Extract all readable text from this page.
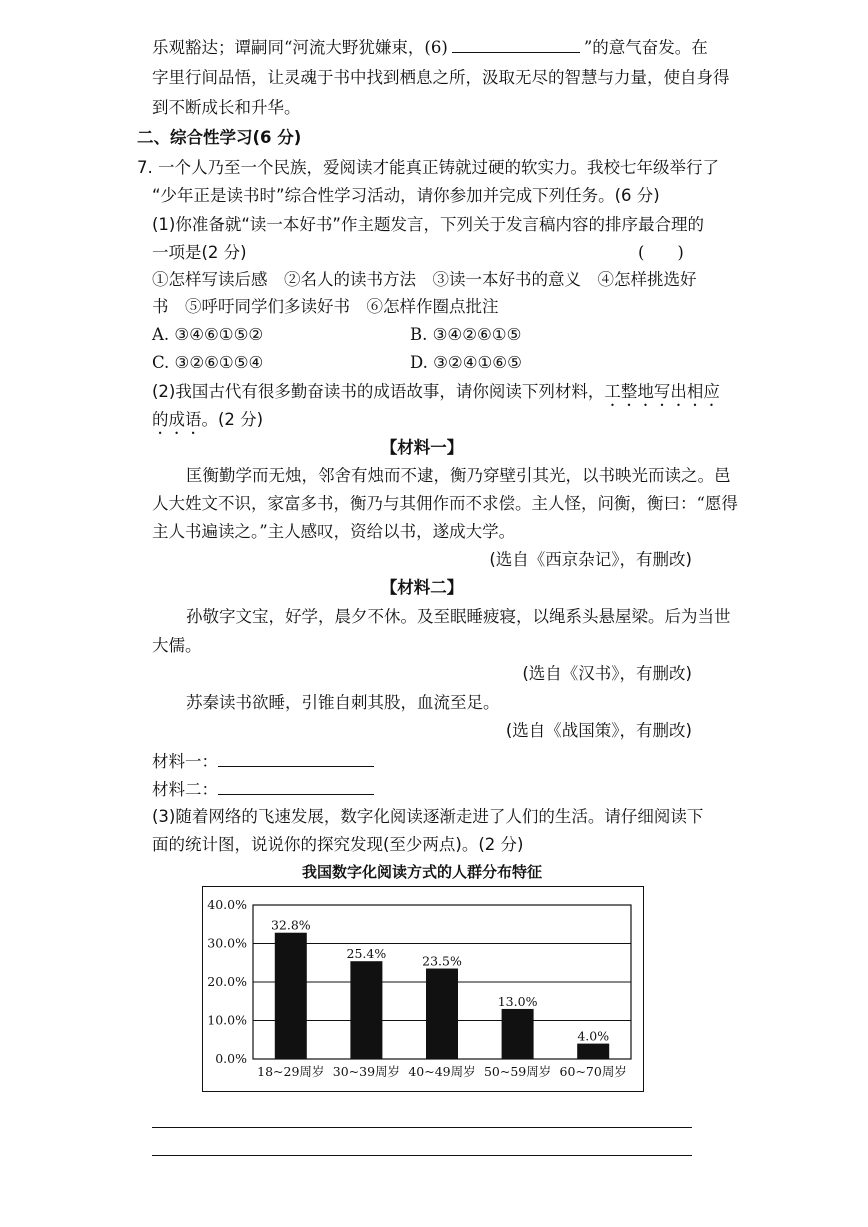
乐观豁达；谭嗣同“河流大野犹嫌束，(6)	”的意气奋发。在
字里行间品悟，让灵魂于书中找到栖息之所，汲取无尽的智慧与力量，使自身得
到不断成长和升华。
二、综合性学习(6 分)
7. 一个人乃至一个民族，爱阅读才能真正铸就过硬的软实力。我校七年级举行了
“少年正是读书时”综合性学习活动，请你参加并完成下列任务。(6 分)
(1)你准备就“读一本好书”作主题发言，下列关于发言稿内容的排序最合理的
一项是(2 分)	(　　)
①怎样写读后感　②名人的读书方法　③读一本好书的意义　④怎样挑选好
书　⑤呼吁同学们多读好书　⑥怎样作圈点批注
A. ③④⑥①⑤②	B. ③④②⑥①⑤
C. ③②⑥①⑤④	D. ③②④①⑥⑤
(2)我国古代有很多勤奋读书的成语故事，请你阅读下列材料，工整地写出相应
的成语。(2 分)
【材料一】
匡衡勤学而无烛，邻舍有烛而不逮，衡乃穿壁引其光，以书映光而读之。邑
人大姓文不识，家富多书，衡乃与其佣作而不求偿。主人怪，问衡，衡曰：“愿得
主人书遍读之。”主人感叹，资给以书，遂成大学。
(选自《西京杂记》，有删改)
【材料二】
孙敬字文宝，好学，晨夕不休。及至眠睡疲寝，以绳系头悬屋梁。后为当世
大儒。
(选自《汉书》，有删改)
苏秦读书欲睡，引锥自刺其股，血流至足。
(选自《战国策》，有删改)
材料一：
材料二：
(3)随着网络的飞速发展，数字化阅读逐渐走进了人们的生活。请仔细阅读下
面的统计图，说说你的探究发现(至少两点)。(2 分)
我国数字化阅读方式的人群分布特征
0.0%
10.0%
20.0%
30.0%
40.0%
32.8%
18~29周岁
25.4%
30~39周岁
23.5%
40~49周岁
13.0%
50~59周岁
4.0%
60~70周岁
